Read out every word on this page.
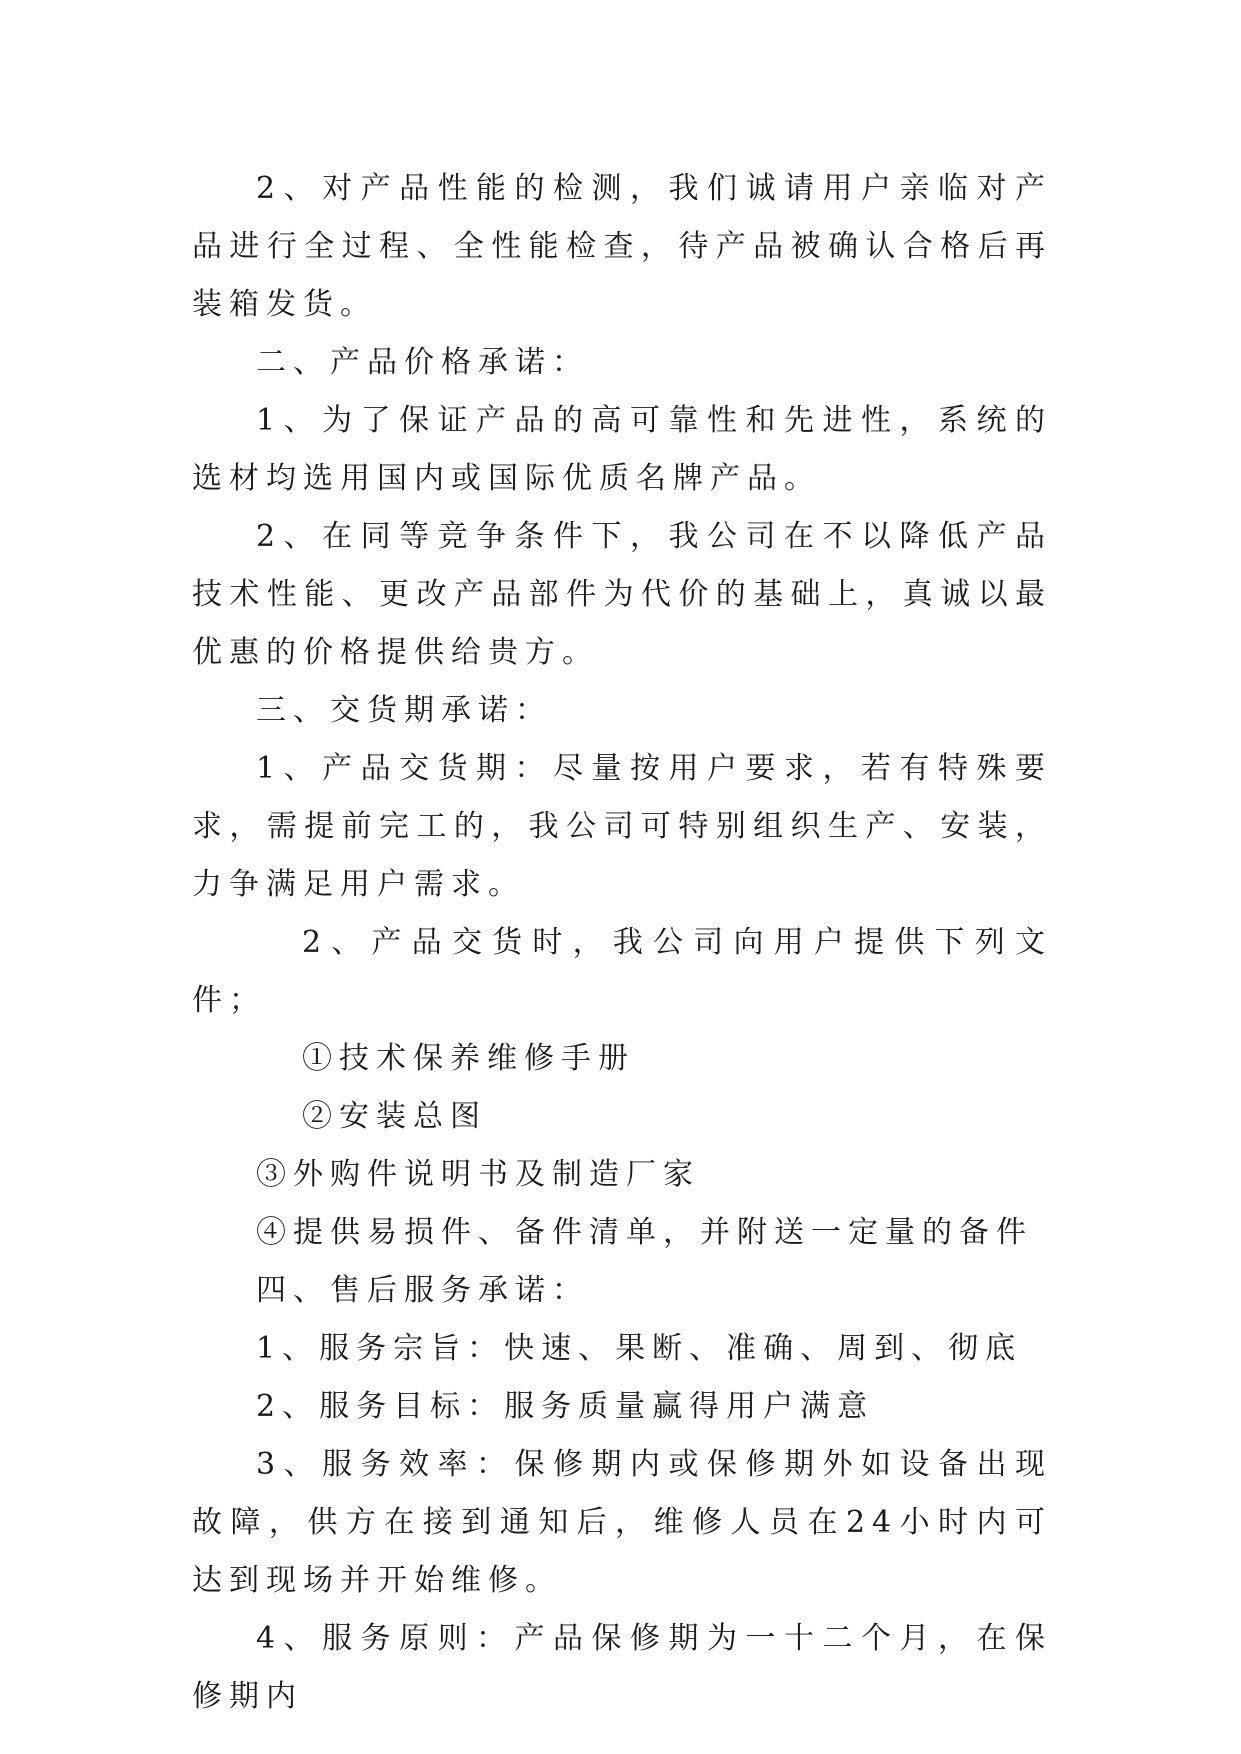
2、对产品性能的检测，我们诚请用户亲临对产品进行全过程、全性能检查，待产品被确认合格后再装箱发货。

二、产品价格承诺：

1、为了保证产品的高可靠性和先进性，系统的选材均选用国内或国际优质名牌产品。

2、在同等竞争条件下，我公司在不以降低产品技术性能、更改产品部件为代价的基础上，真诚以最优惠的价格提供给贵方。

三、交货期承诺：

1、产品交货期：尽量按用户要求，若有特殊要求，需提前完工的，我公司可特别组织生产、安装，力争满足用户需求。

2、产品交货时，我公司向用户提供下列文件；

①技术保养维修手册

②安装总图

③外购件说明书及制造厂家

④提供易损件、备件清单，并附送一定量的备件

四、售后服务承诺：

1、服务宗旨：快速、果断、准确、周到、彻底

2、服务目标：服务质量赢得用户满意

3、服务效率：保修期内或保修期外如设备出现故障，供方在接到通知后，维修人员在24小时内可达到现场并开始维修。

4、服务原则：产品保修期为一十二个月，在保修期内
